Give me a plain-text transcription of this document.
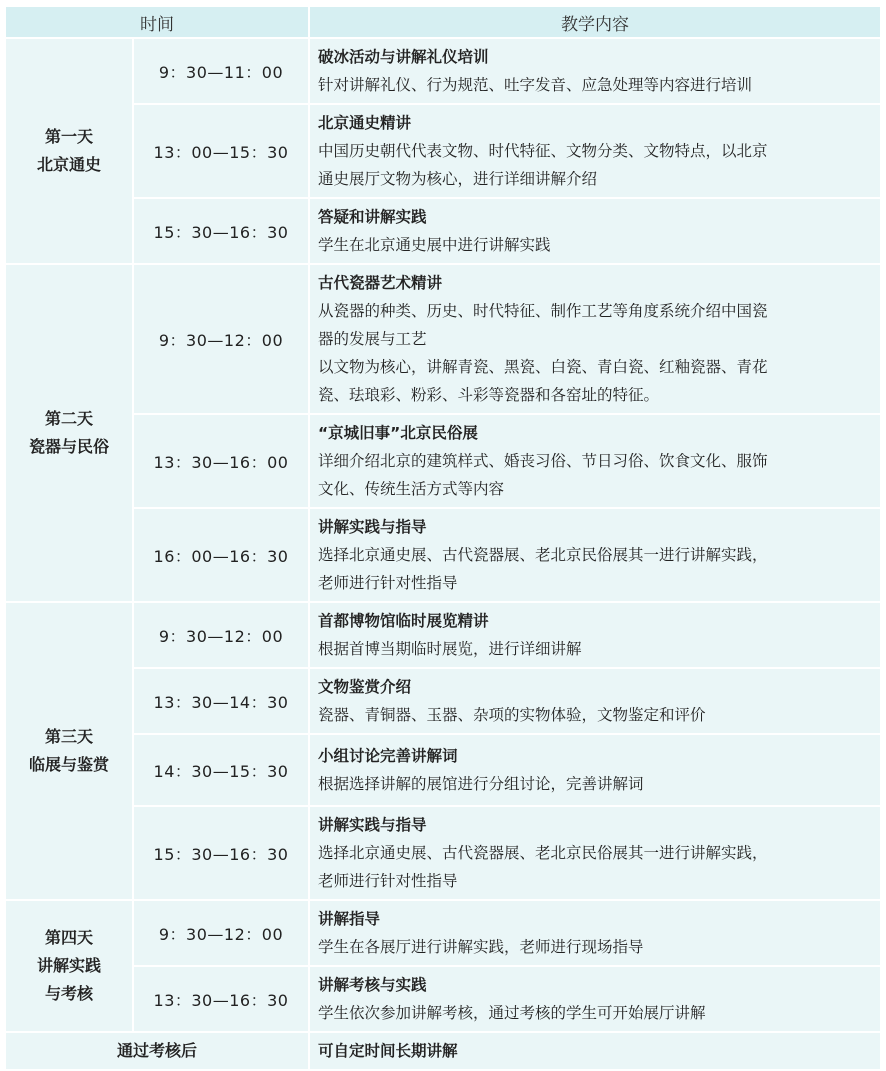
时间		教学内容

第一天
北京通史	9：30—11：00	破冰活动与讲解礼仪培训
针对讲解礼仪、行为规范、吐字发音、应急处理等内容进行培训

	13：00—15：30	北京通史精讲
中国历史朝代代表文物、时代特征、文物分类、文物特点，以北京
通史展厅文物为核心，进行详细讲解介绍

	15：30—16：30	答疑和讲解实践
学生在北京通史展中进行讲解实践

第二天
瓷器与民俗	9：30—12：00	古代瓷器艺术精讲
从瓷器的种类、历史、时代特征、制作工艺等角度系统介绍中国瓷
器的发展与工艺
以文物为核心，讲解青瓷、黑瓷、白瓷、青白瓷、红釉瓷器、青花
瓷、珐琅彩、粉彩、斗彩等瓷器和各窑址的特征。

	13：30—16：00	“京城旧事”北京民俗展
详细介绍北京的建筑样式、婚丧习俗、节日习俗、饮食文化、服饰
文化、传统生活方式等内容

	16：00—16：30	讲解实践与指导
选择北京通史展、古代瓷器展、老北京民俗展其一进行讲解实践，
老师进行针对性指导

第三天
临展与鉴赏	9：30—12：00	首都博物馆临时展览精讲
根据首博当期临时展览，进行详细讲解

	13：30—14：30	文物鉴赏介绍
瓷器、青铜器、玉器、杂项的实物体验，文物鉴定和评价

	14：30—15：30	小组讨论完善讲解词
根据选择讲解的展馆进行分组讨论，完善讲解词

	15：30—16：30	讲解实践与指导
选择北京通史展、古代瓷器展、老北京民俗展其一进行讲解实践，
老师进行针对性指导

第四天
讲解实践
与考核	9：30—12：00	讲解指导
学生在各展厅进行讲解实践，老师进行现场指导

	13：30—16：30	讲解考核与实践
学生依次参加讲解考核，通过考核的学生可开始展厅讲解

通过考核后		可自定时间长期讲解
